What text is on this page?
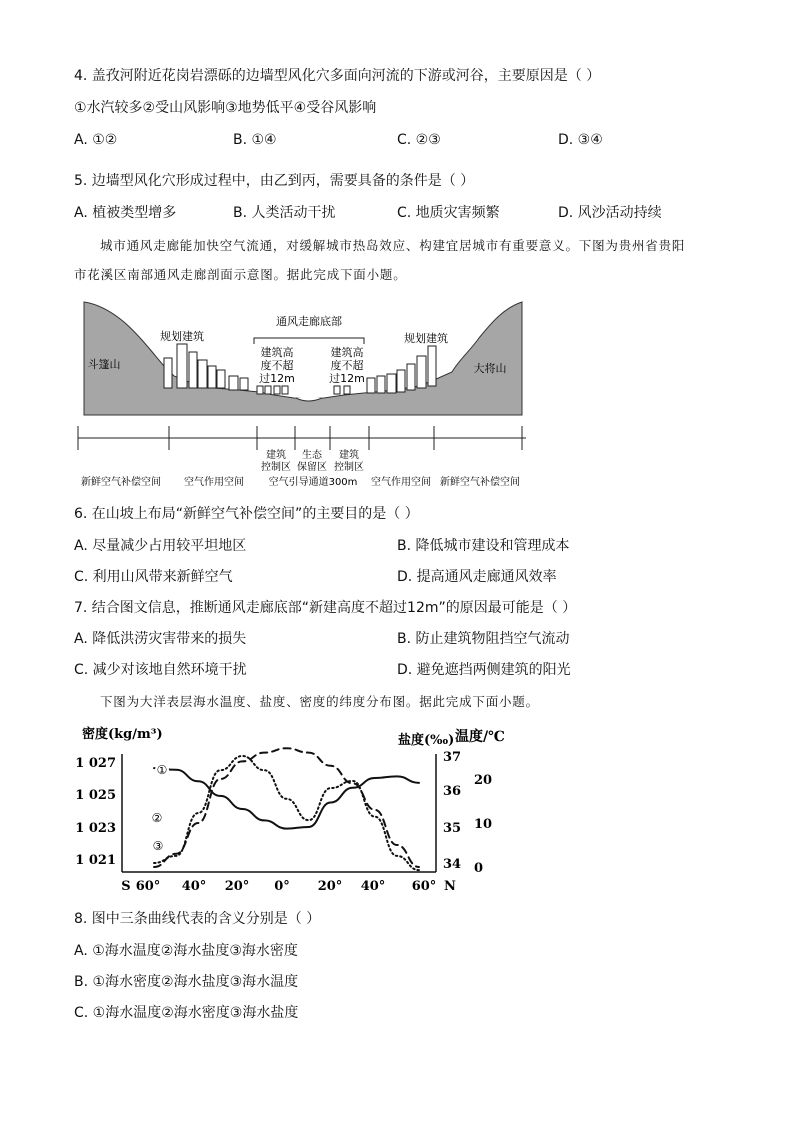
4. 盖孜河附近花岗岩漂砾的边墙型风化穴多面向河流的下游或河谷，主要原因是（ ）
①水汽较多②受山风影响③地势低平④受谷风影响
A. ①②	B. ①④	C. ②③	D. ③④
5. 边墙型风化穴形成过程中，由乙到丙，需要具备的条件是（ ）
A. 植被类型增多	B. 人类活动干扰	C. 地质灾害频繁	D. 风沙活动持续
城市通风走廊能加快空气流通，对缓解城市热岛效应、构建宜居城市有重要意义。下图为贵州省贵阳
市花溪区南部通风走廊剖面示意图。据此完成下面小题。
通风走廊底部
斗篷山	大将山
规划建筑	规划建筑
建筑高
度不超
过12m
建筑高
度不超
过12m
建筑
控制区
生态
保留区
建筑
控制区
新鲜空气补偿空间 空气作用空间 空气引导通道300m 空气作用空间 新鲜空气补偿空间
6. 在山坡上布局“新鲜空气补偿空间”的主要目的是（ ）
A. 尽量减少占用较平坦地区	B. 降低城市建设和管理成本
C. 利用山风带来新鲜空气	D. 提高通风走廊通风效率
7. 结合图文信息，推断通风走廊底部“新建高度不超过12m”的原因最可能是（ ）
A. 降低洪涝灾害带来的损失	B. 防止建筑物阻挡空气流动
C. 减少对该地自然环境干扰	D. 避免遮挡两侧建筑的阳光
下图为大洋表层海水温度、盐度、密度的纬度分布图。据此完成下面小题。
密度(kg/m³)	盐度(‰) 温度/℃
①
②
③
S 60° 40° 20° 0° 20° 40° 60° N
1 027
1 025
1 023
1 021
37
36
35
34
20
10
0
8. 图中三条曲线代表的含义分别是（ ）
A. ①海水温度②海水盐度③海水密度
B. ①海水密度②海水盐度③海水温度
C. ①海水温度②海水密度③海水盐度
